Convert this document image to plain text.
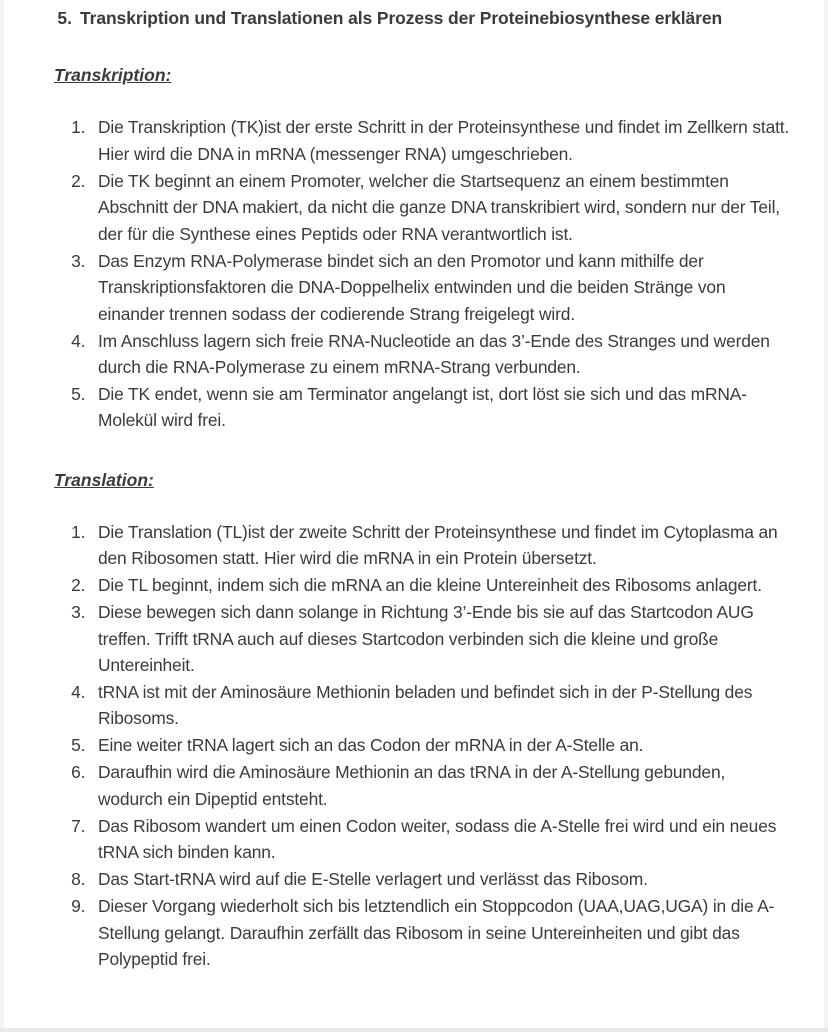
5. Transkription und Translationen als Prozess der Proteinebiosynthese erklären
Transkription:
1. Die Transkription (TK)ist der erste Schritt in der Proteinsynthese und findet im Zellkern statt. Hier wird die DNA in mRNA (messenger RNA) umgeschrieben.
2. Die TK beginnt an einem Promoter, welcher die Startsequenz an einem bestimmten Abschnitt der DNA makiert, da nicht die ganze DNA transkribiert wird, sondern nur der Teil, der für die Synthese eines Peptids oder RNA verantwortlich ist.
3. Das Enzym RNA-Polymerase bindet sich an den Promotor und kann mithilfe der Transkriptionsfaktoren die DNA-Doppelhelix entwinden und die beiden Stränge von einander trennen sodass der codierende Strang freigelegt wird.
4. Im Anschluss lagern sich freie RNA-Nucleotide an das 3’-Ende des Stranges und werden durch die RNA-Polymerase zu einem mRNA-Strang verbunden.
5. Die TK endet, wenn sie am Terminator angelangt ist, dort löst sie sich und das mRNA-Molekül wird frei.
Translation:
1. Die Translation (TL)ist der zweite Schritt der Proteinsynthese und findet im Cytoplasma an den Ribosomen statt. Hier wird die mRNA in ein Protein übersetzt.
2. Die TL beginnt, indem sich die mRNA an die kleine Untereinheit des Ribosoms anlagert.
3. Diese bewegen sich dann solange in Richtung 3’-Ende bis sie auf das Startcodon AUG treffen. Trifft tRNA auch auf dieses Startcodon verbinden sich die kleine und große Untereinheit.
4. tRNA ist mit der Aminosäure Methionin beladen und befindet sich in der P-Stellung des Ribosoms.
5. Eine weiter tRNA lagert sich an das Codon der mRNA in der A-Stelle an.
6. Daraufhin wird die Aminosäure Methionin an das tRNA in der A-Stellung gebunden, wodurch ein Dipeptid entsteht.
7. Das Ribosom wandert um einen Codon weiter, sodass die A-Stelle frei wird und ein neues tRNA sich binden kann.
8. Das Start-tRNA wird auf die E-Stelle verlagert und verlässt das Ribosom.
9. Dieser Vorgang wiederholt sich bis letztendlich ein Stoppcodon (UAA,UAG,UGA) in die A-Stellung gelangt. Daraufhin zerfällt das Ribosom in seine Untereinheiten und gibt das Polypeptid frei.
